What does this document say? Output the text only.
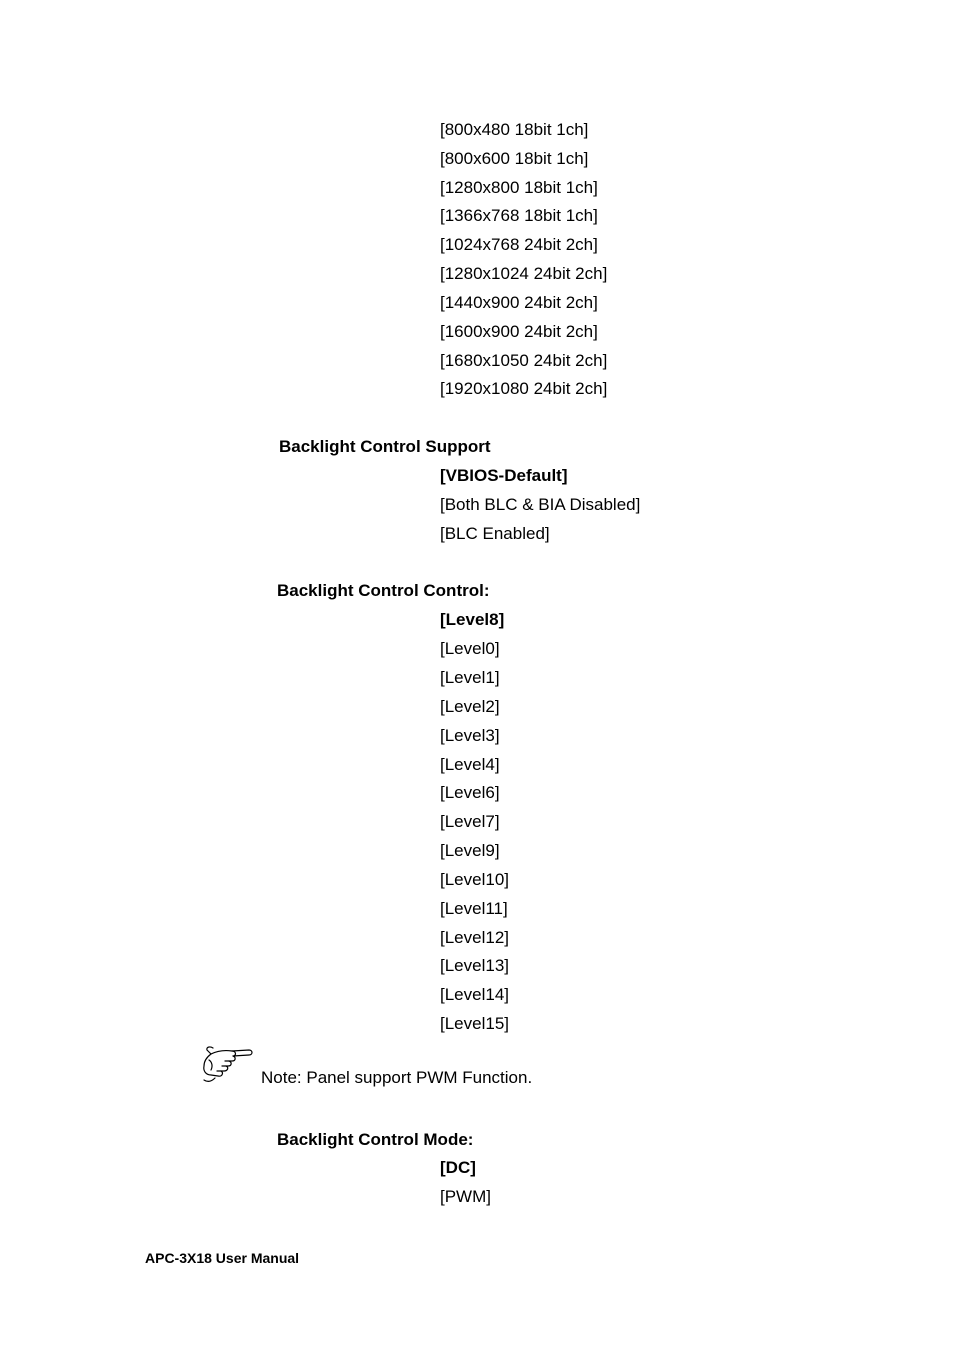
[800x480 18bit 1ch]
[800x600 18bit 1ch]
[1280x800 18bit 1ch]
[1366x768 18bit 1ch]
[1024x768 24bit 2ch]
[1280x1024 24bit 2ch]
[1440x900 24bit 2ch]
[1600x900 24bit 2ch]
[1680x1050 24bit 2ch]
[1920x1080 24bit 2ch]
Backlight Control Support
[VBIOS-Default]
[Both BLC & BIA Disabled]
[BLC Enabled]
Backlight Control Control:
[Level8]
[Level0]
[Level1]
[Level2]
[Level3]
[Level4]
[Level6]
[Level7]
[Level9]
[Level10]
[Level11]
[Level12]
[Level13]
[Level14]
[Level15]
Note: Panel support PWM Function.
Backlight Control Mode:
[DC]
[PWM]
APC-3X18 User Manual
